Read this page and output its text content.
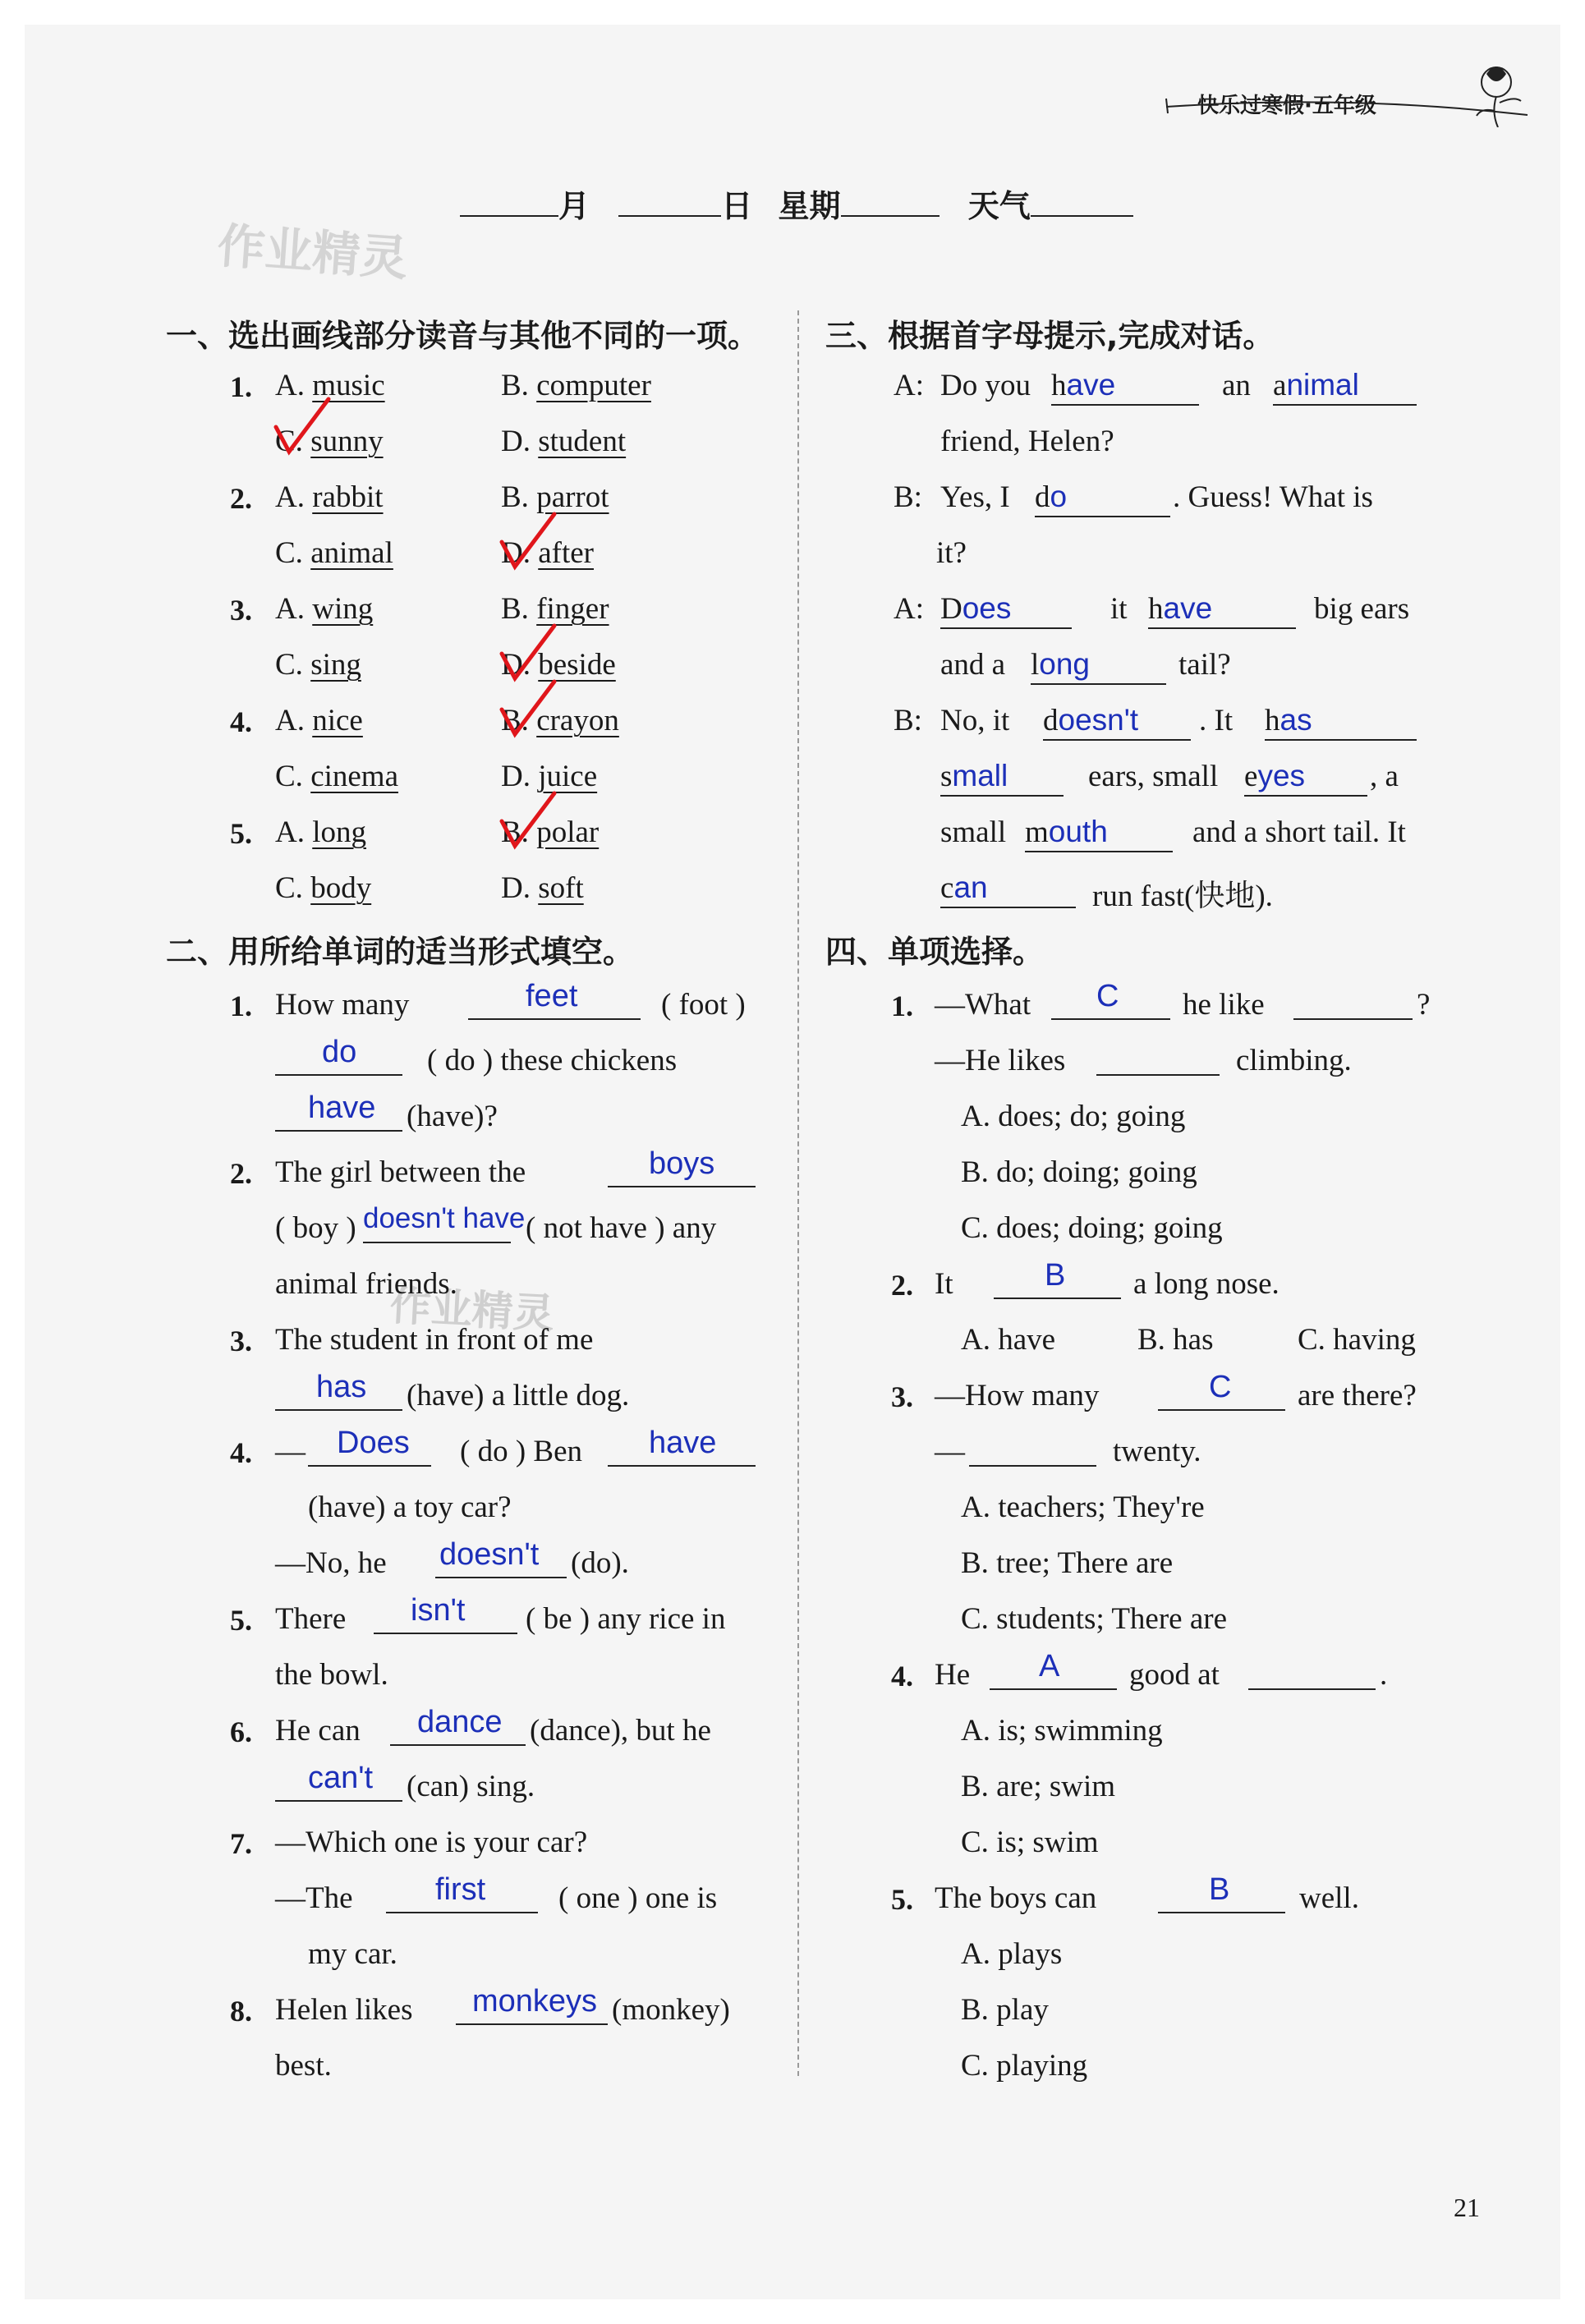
快乐过寒假·五年级
月	日 星期	天气
作业精灵
作业精灵
一、选出画线部分读音与其他不同的一项。
1. A. music	B. computer
C. sunny	D. student
2. A. rabbit	B. parrot
C. animal	D. after
3. A. wing	B. finger
C. sing	D. beside
4. A. nice	B. crayon
C. cinema	D. juice
5. A. long	B. polar
C. body	D. soft
二、用所给单词的适当形式填空。
1. How many	feet	( foot )
do ( do ) these chickens
have (have)?
2. The girl between the	boys
( boy ) doesn't have ( not have ) any
animal friends.
3. The student in front of me
has (have) a little dog.
4. — Does ( do ) Ben have
(have) a toy car?
—No, he doesn't (do).
5. There isn't ( be ) any rice in
the bowl.
6. He can dance (dance), but he
can't (can) sing.
7. —Which one is your car?
—The	first ( one ) one is
my car.
8. Helen likes monkeys (monkey)
best.
三、根据首字母提示,完成对话。
A: Do you have	an animal
friend, Helen?
B: Yes, I do	. Guess! What is
it?
A: Does	it have	big ears
and a long	tail?
B: No, it doesn't	. It has
small	ears, small eyes	, a
small mouth	and a short tail. It
can	run fast(快地).
四、单项选择。
1. —What C he like	?
—He likes	climbing.
A. does; do; going
B. do; doing; going
C. does; doing; going
2. It	B a long nose.
A. have	B. has	C. having
3. —How many	C are there?
—	twenty.
A. teachers; They're
B. tree; There are
C. students; There are
4. He A good at	.
A. is; swimming
B. are; swim
C. is; swim
5. The boys can	B well.
A. plays
B. play
C. playing
21
